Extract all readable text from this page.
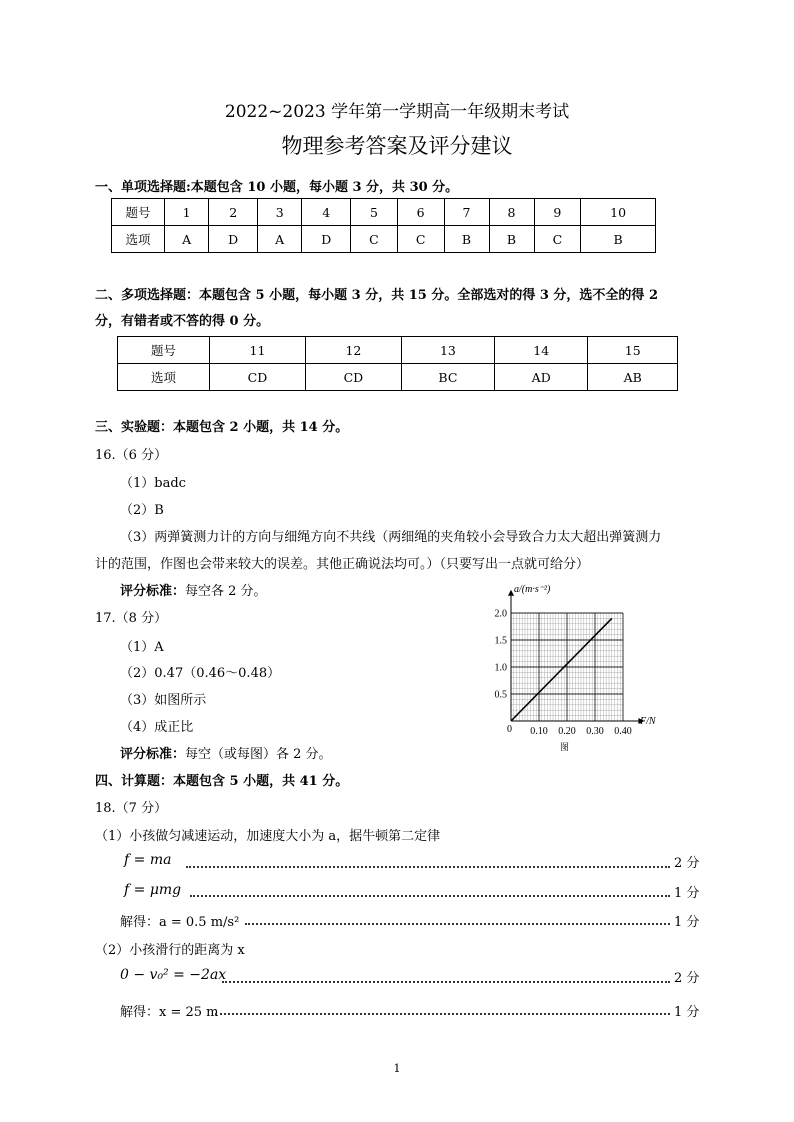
2022~2023 学年第一学期高一年级期末考试
物理参考答案及评分建议
一、单项选择题:本题包含 10 小题，每小题 3 分，共 30 分。
题号	1	2	3	4	5	6	7	8	9	10
选项	A	D	A	D	C	C	B	B	C	B
二、多项选择题：本题包含 5 小题，每小题 3 分，共 15 分。全部选对的得 3 分，选不全的得 2
分，有错者或不答的得 0 分。
题号	11	12	13	14	15
选项	CD	CD	BC	AD	AB
三、实验题：本题包含 2 小题，共 14 分。
16.（6 分）
（1）badc
（2）B
（3）两弹簧测力计的方向与细绳方向不共线（两细绳的夹角较小会导致合力太大超出弹簧测力
计的范围，作图也会带来较大的误差。其他正确说法均可。）（只要写出一点就可给分）
评分标准：每空各 2 分。
17.（8 分）
（1）A
（2）0.47（0.46～0.48）
（3）如图所示
（4）成正比
评分标准：每空（或每图）各 2 分。
0.10 0.20 0.30 0.40
0.5
1.0
1.5
2.0
a/(m·s⁻²)
F/N
0
图
四、计算题：本题包含 5 小题，共 41 分。
18.（7 分）
（1）小孩做匀减速运动，加速度大小为 a，据牛顿第二定律
f = ma	2 分
f = μmg	1 分
解得：a = 0.5 m/s²	1 分
（2）小孩滑行的距离为 x
0 − v₀² = −2ax	2 分
解得：x = 25 m	1 分
1
